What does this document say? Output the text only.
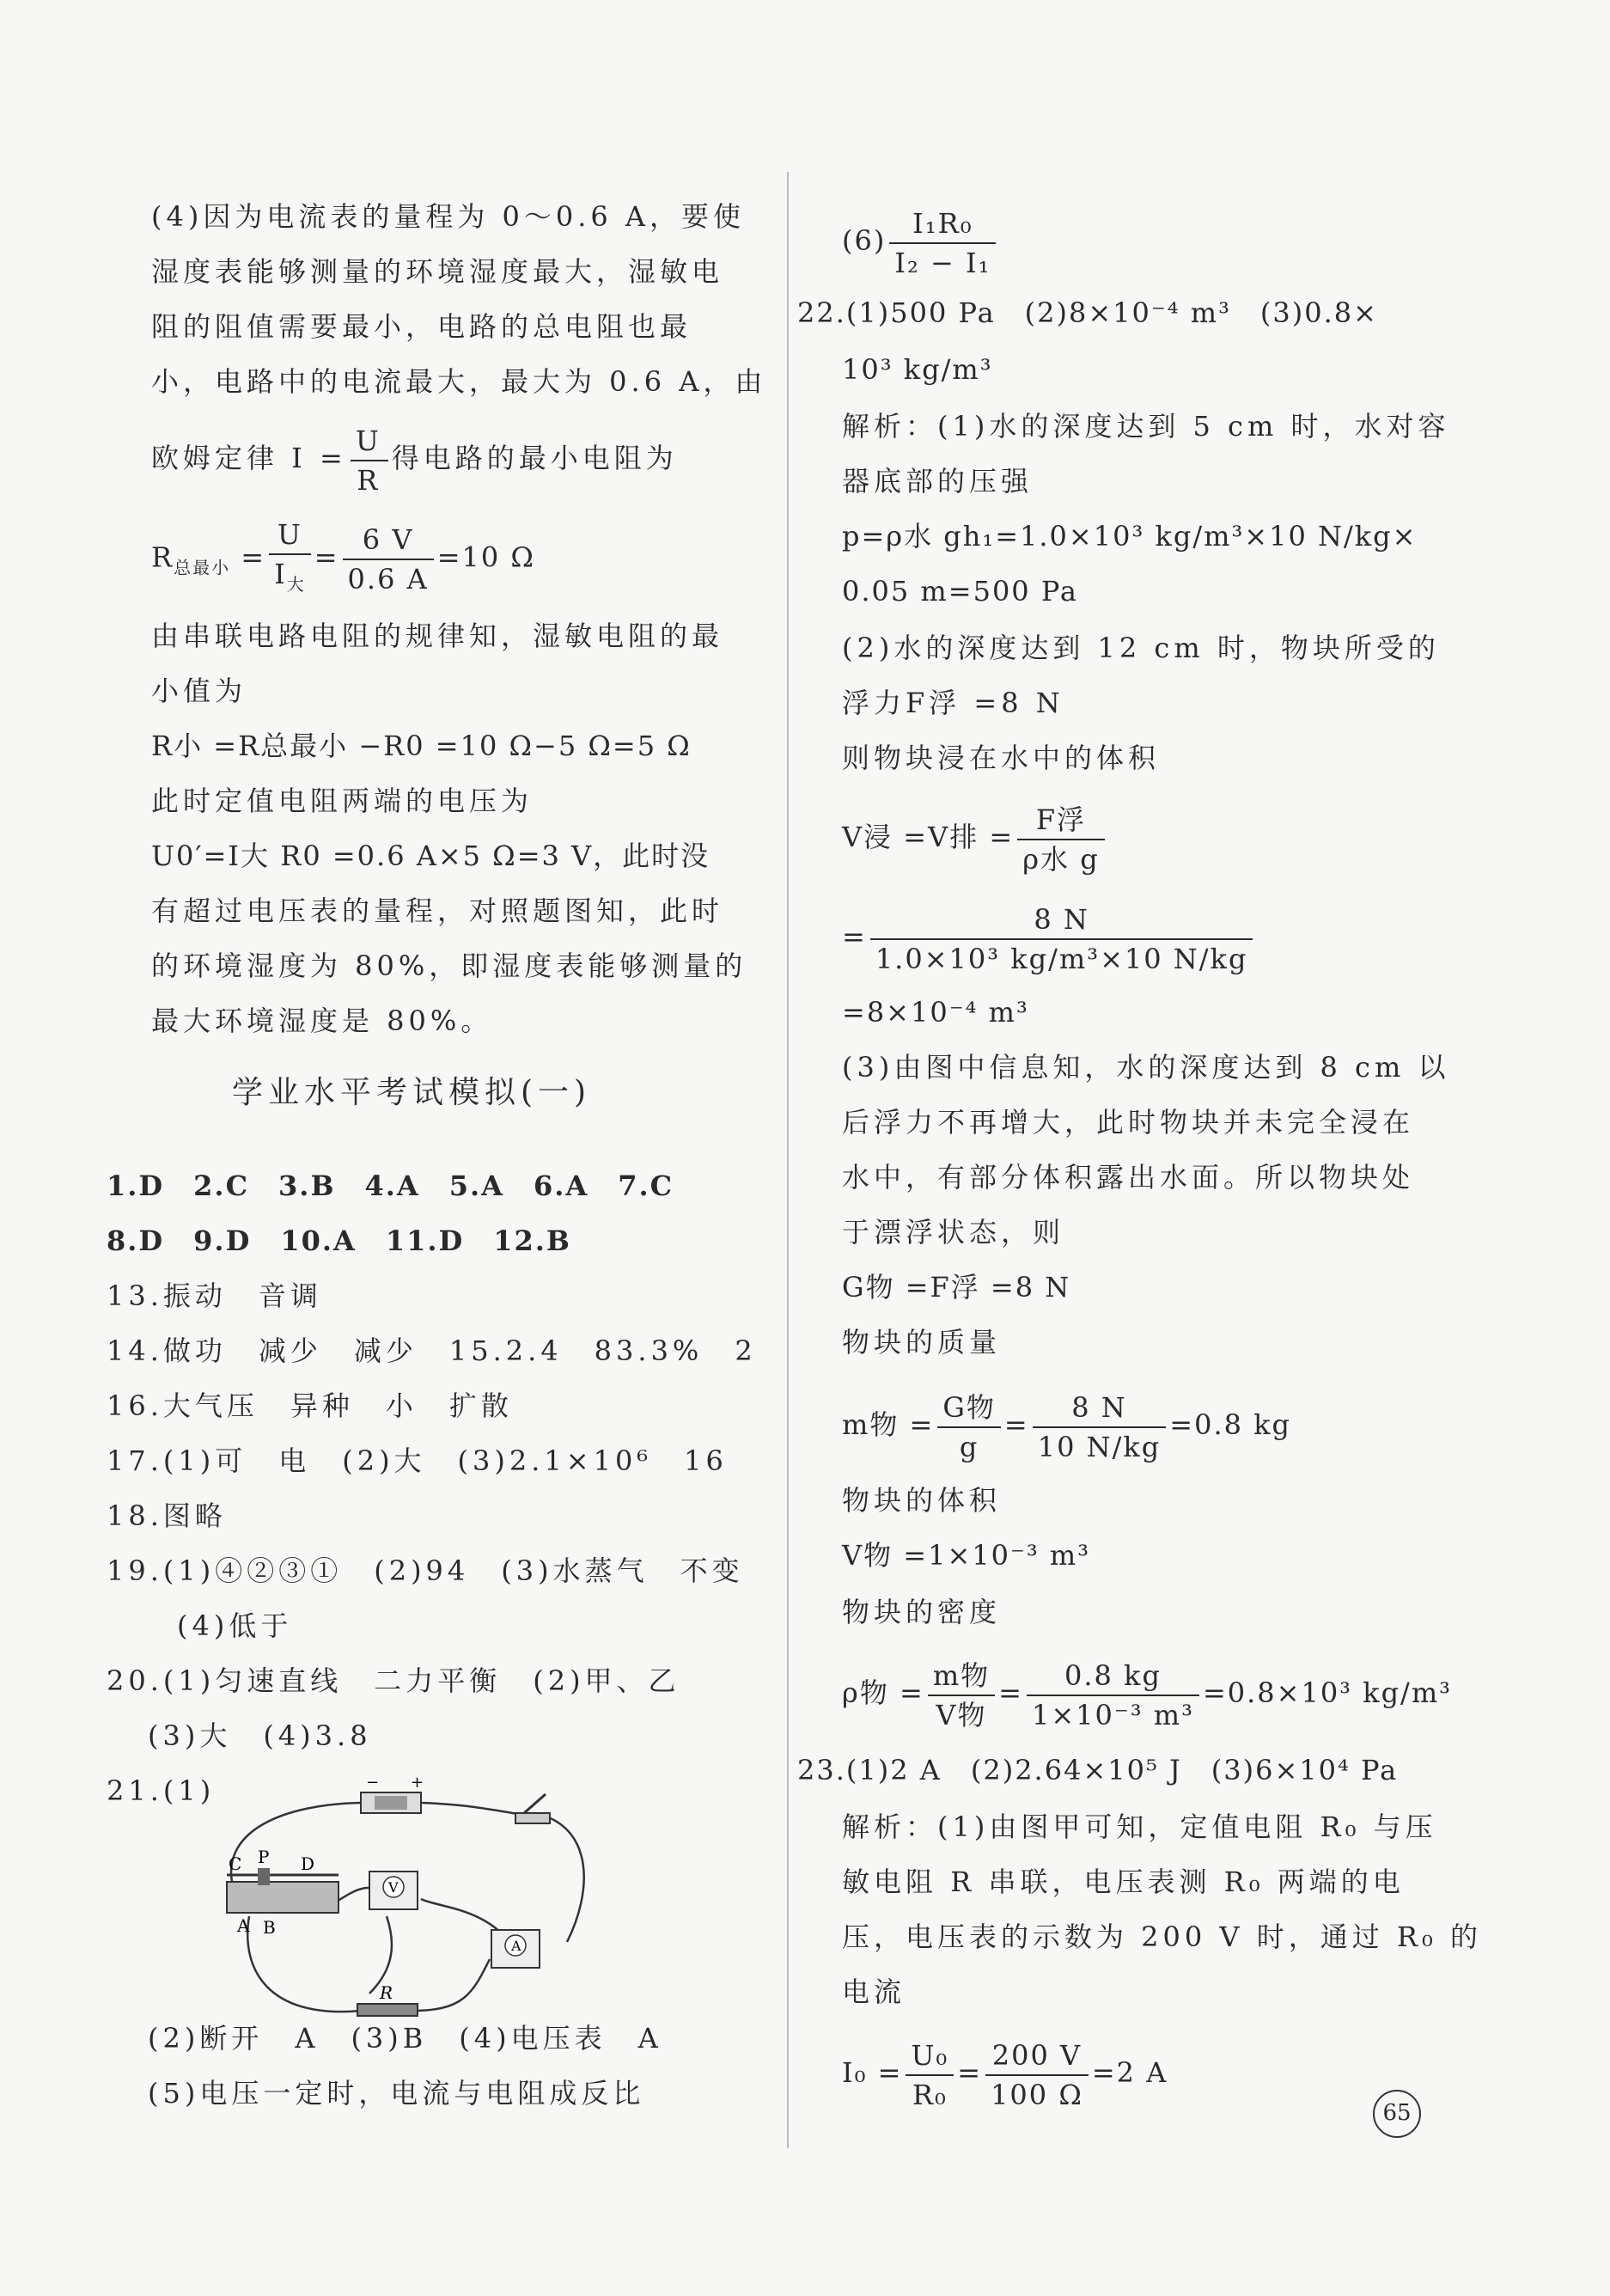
(4)因为电流表的量程为 0～0.6 A，要使
湿度表能够测量的环境湿度最大，湿敏电
阻的阻值需要最小，电路的总电阻也最
小，电路中的电流最大，最大为 0.6 A，由
欧姆定律 $I = \frac{U}{R}$ 得电路的最小电阻为
$R_{总最小}$ =
U
$I_大$
= $\frac{6 V}{0.6 A} =10$ Ω
由串联电路电阻的规律知，湿敏电阻的最
小值为
R小 =R总最小 −R0 =10 Ω−5 Ω=5 Ω
此时定值电阻两端的电压为
U0′=I大 R0 =0.6 A×5 Ω=3 V，此时没
有超过电压表的量程，对照题图知，此时
的环境湿度为 80%，即湿度表能够测量的
最大环境湿度是 80%。
学业水平考试模拟(一)
1.D　2.C　3.B　4.A　5.A　6.A　7.C
8.D　9.D　10.A　11.D　12.B
13.振动　音调
14.做功　减少　减少　15.2.4　83.3%　2
16.大气压　异种　小　扩散
17.(1)可　电　(2)大　(3)2.1×10⁶　16
18.图略
19.(1)④②③①　(2)94　(3)水蒸气　不变
(4)低于
20.(1)匀速直线　二力平衡　(2)甲、乙
(3)大　(4)3.8
21.(1)	− +
C P D
A B
V
A
R
(2)断开　A　(3)B　(4)电压表　A
(5)电压一定时，电流与电阻成反比
$(6) \frac{\text{I₁R₀}}{\text{I₂ − I₁}}$
22.(1)500 Pa　(2)8×10⁻⁴ m³　(3)0.8×
10³ kg/m³
解析：(1)水的深度达到 5 cm 时，水对容
器底部的压强
p=ρ水 gh₁=1.0×10³ kg/m³×10 N/kg×
0.05 m=500 Pa
(2)水的深度达到 12 cm 时，物块所受的
浮力F浮 =8 N
则物块浸在水中的体积
V浸 =V排 =
F浮
ρ水 g
= $\frac{8 N}{\text{1.0×10³ kg/m³×10 N/kg}}$
=8×10⁻⁴ m³
(3)由图中信息知，水的深度达到 8 cm 以
后浮力不再增大，此时物块并未完全浸在
水中，有部分体积露出水面。所以物块处
于漂浮状态，则
G物 =F浮 =8 N
物块的质量
m物 =
G物
g
= $\frac{8 N}{10 N/kg} =0.8$ kg
物块的体积
V物 =1×10⁻³ m³
物块的密度
ρ物 =
m物
V物
= $\frac{0.8 kg}{\text{1×10⁻³ m³}} =0.8\times 10^3$ kg/m³
23.(1)2 A　(2)2.64×10⁵ J　(3)6×10⁴ Pa
解析：(1)由图甲可知，定值电阻 R₀ 与压
敏电阻 R 串联，电压表测 R₀ 两端的电
压，电压表的示数为 200 V 时，通过 R₀ 的
电流
$I_0 = \frac{\text{U₀}}{\text{R₀}} = \frac{200 V}{100 \Omega} =2$ A
65
